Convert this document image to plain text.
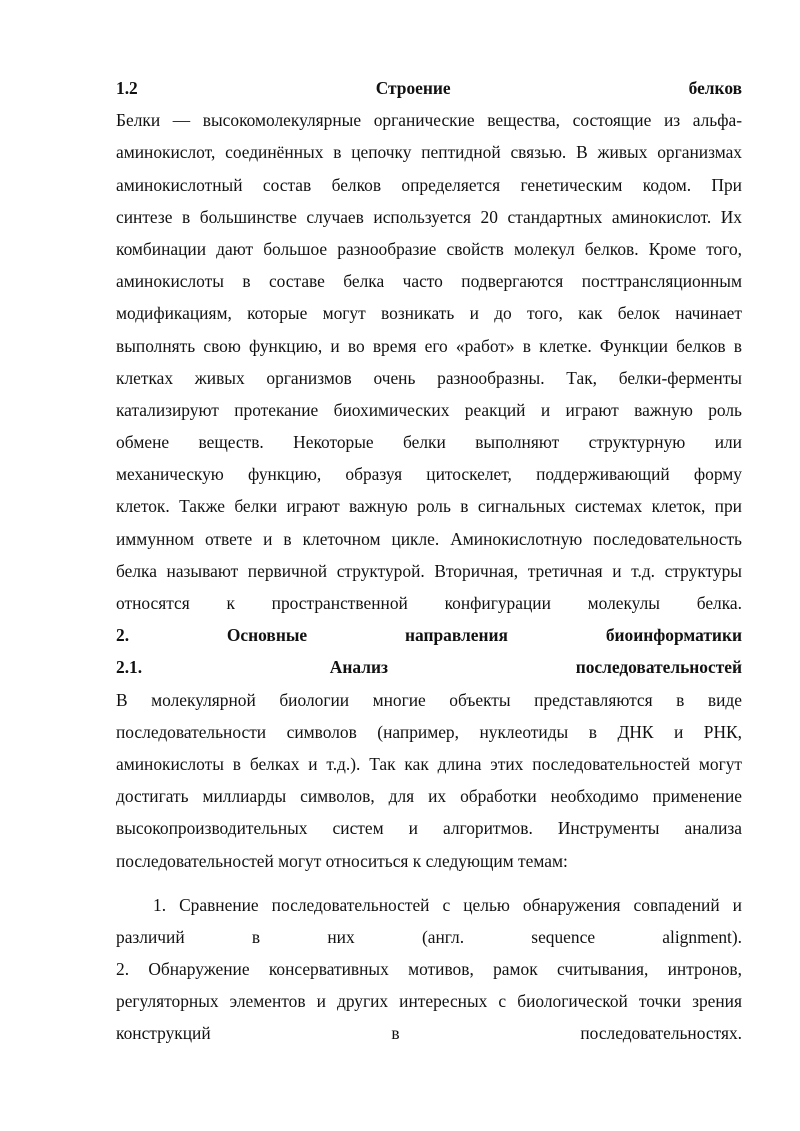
1.2 Строение белков
Белки — высокомолекулярные органические вещества, состоящие из альфа-
аминокислот, соединённых в цепочку пептидной связью. В живых организмах
аминокислотный состав белков определяется генетическим кодом. При
синтезе в большинстве случаев используется 20 стандартных аминокислот. Их
комбинации дают большое разнообразие свойств молекул белков. Кроме того,
аминокислоты в составе белка часто подвергаются посттрансляционным
модификациям, которые могут возникать и до того, как белок начинает
выполнять свою функцию, и во время его «работ» в клетке. Функции белков в
клетках живых организмов очень разнообразны. Так, белки-ферменты
катализируют протекание биохимических реакций и играют важную роль
обмене веществ. Некоторые белки выполняют структурную или
механическую функцию, образуя цитоскелет, поддерживающий форму
клеток. Также белки играют важную роль в сигнальных системах клеток, при
иммунном ответе и в клеточном цикле. Аминокислотную последовательность
белка называют первичной структурой. Вторичная, третичная и т.д. структуры
относятся к пространственной конфигурации молекулы белка.
2. Основные направления биоинформатики
2.1. Анализ последовательностей
В молекулярной биологии многие объекты представляются в виде
последовательности символов (например, нуклеотиды в ДНК и РНК,
аминокислоты в белках и т.д.). Так как длина этих последовательностей могут
достигать миллиарды символов, для их обработки необходимо применение
высокопроизводительных систем и алгоритмов. Инструменты анализа
последовательностей могут относиться к следующим темам:
1. Сравнение последовательностей с целью обнаружения совпадений и
различий в них (англ. sequence alignment).
2. Обнаружение консервативных мотивов, рамок считывания, интронов,
регуляторных элементов и других интересных с биологической точки зрения
конструкций в последовательностях.
